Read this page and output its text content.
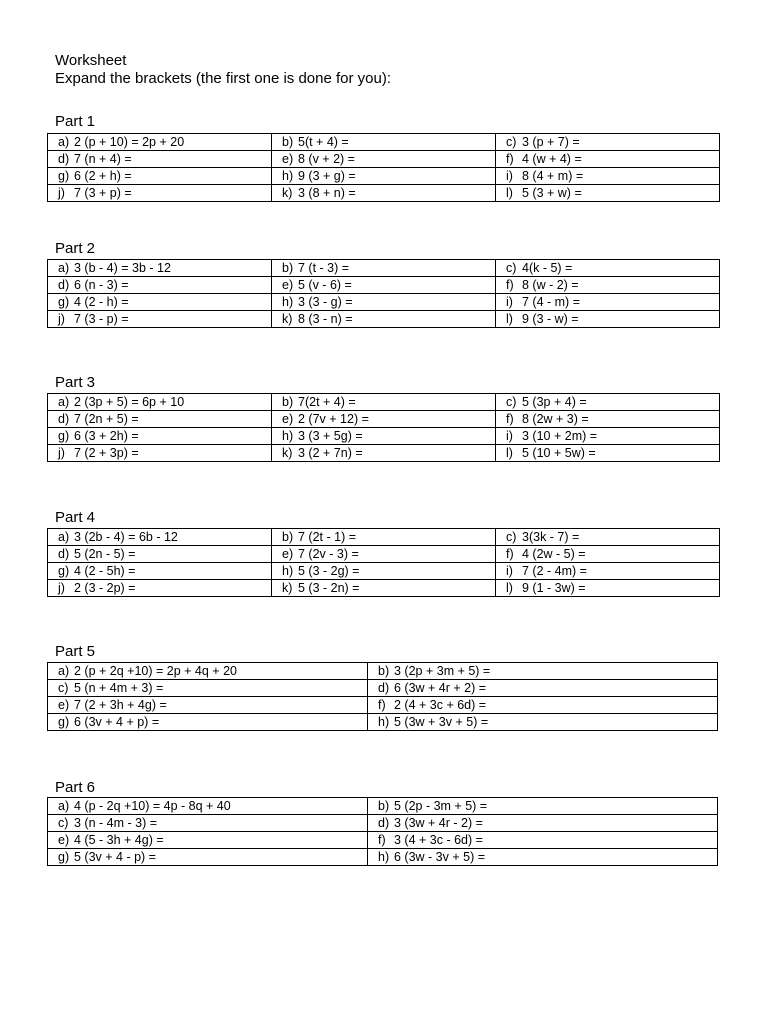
Worksheet
Expand the brackets (the first one is done for you):
Part 1
a) 2 (p + 10) = 2p + 20	b) 5(t + 4) =	c) 3 (p + 7) =
d) 7 (n + 4) =	e) 8 (v + 2) =	f) 4 (w + 4) =
g) 6 (2 + h) =	h) 9 (3 + g) =	i) 8 (4 + m) =
j) 7 (3 + p) =	k) 3 (8 + n) =	l) 5 (3 + w) =
Part 2
a) 3 (b - 4) = 3b - 12	b) 7 (t - 3) =	c) 4(k - 5) =
d) 6 (n - 3) =	e) 5 (v - 6) =	f) 8 (w - 2) =
g) 4 (2 - h) =	h) 3 (3 - g) =	i) 7 (4 - m) =
j) 7 (3 - p) =	k) 8 (3 - n) =	l) 9 (3 - w) =
Part 3
a) 2 (3p + 5) = 6p + 10	b) 7(2t + 4) =	c) 5 (3p + 4) =
d) 7 (2n + 5) =	e) 2 (7v + 12) =	f) 8 (2w + 3) =
g) 6 (3 + 2h) =	h) 3 (3 + 5g) =	i) 3 (10 + 2m) =
j) 7 (2 + 3p) =	k) 3 (2 + 7n) =	l) 5 (10 + 5w) =
Part 4
a) 3 (2b - 4) = 6b - 12	b) 7 (2t - 1) =	c) 3(3k - 7) =
d) 5 (2n - 5) =	e) 7 (2v - 3) =	f) 4 (2w - 5) =
g) 4 (2 - 5h) =	h) 5 (3 - 2g) =	i) 7 (2 - 4m) =
j) 2 (3 - 2p) =	k) 5 (3 - 2n) =	l) 9 (1 - 3w) =
Part 5
a) 2 (p + 2q +10) = 2p + 4q + 20	b) 3 (2p + 3m + 5) =
c) 5 (n + 4m + 3) =	d) 6 (3w + 4r + 2) =
e) 7 (2 + 3h + 4g) =	f) 2 (4 + 3c + 6d) =
g) 6 (3v + 4 + p) =	h) 5 (3w + 3v + 5) =
Part 6
a) 4 (p - 2q +10) = 4p - 8q + 40	b) 5 (2p - 3m + 5) =
c) 3 (n - 4m - 3) =	d) 3 (3w + 4r - 2) =
e) 4 (5 - 3h + 4g) =	f) 3 (4 + 3c - 6d) =
g) 5 (3v + 4 - p) =	h) 6 (3w - 3v + 5) =
